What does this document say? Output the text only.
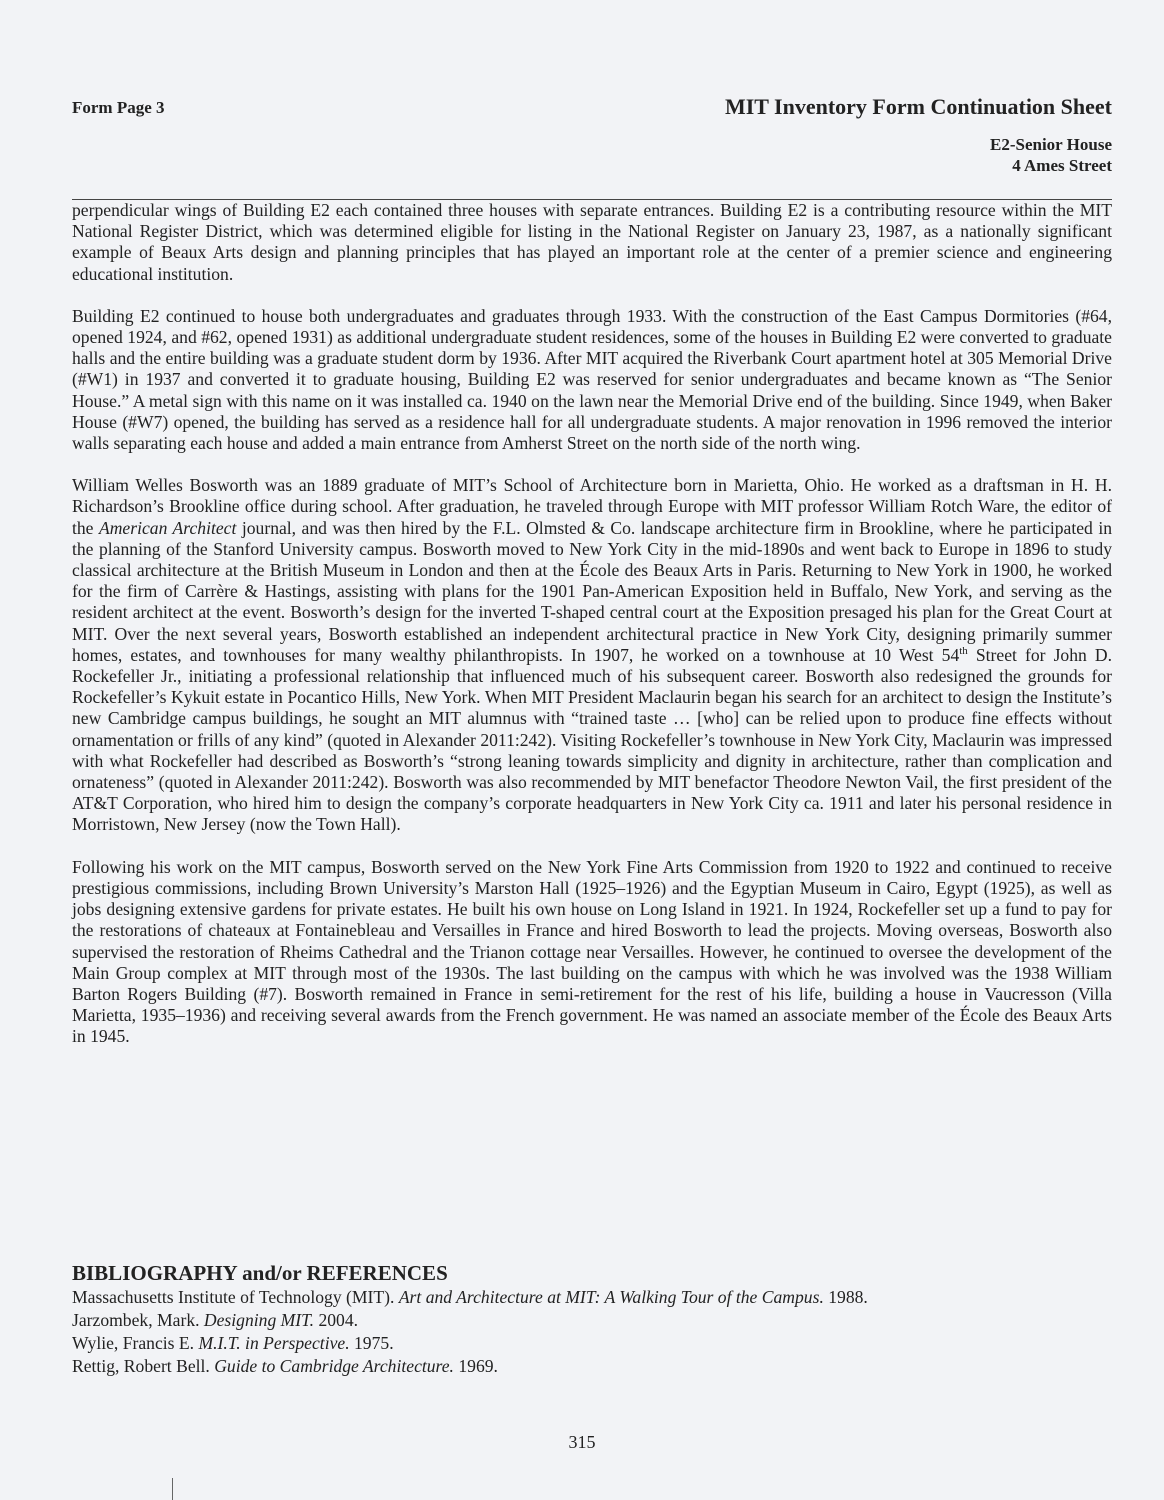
Form Page 3	MIT Inventory Form Continuation Sheet
E2-Senior House
4 Ames Street

perpendicular wings of Building E2 each contained three houses with separate entrances. Building E2 is a contributing resource within the MIT National Register District, which was determined eligible for listing in the National Register on January 23, 1987, as a nationally significant example of Beaux Arts design and planning principles that has played an important role at the center of a premier science and engineering educational institution.

Building E2 continued to house both undergraduates and graduates through 1933. With the construction of the East Campus Dormitories (#64, opened 1924, and #62, opened 1931) as additional undergraduate student residences, some of the houses in Building E2 were converted to graduate halls and the entire building was a graduate student dorm by 1936. After MIT acquired the Riverbank Court apartment hotel at 305 Memorial Drive (#W1) in 1937 and converted it to graduate housing, Building E2 was reserved for senior undergraduates and became known as “The Senior House.” A metal sign with this name on it was installed ca. 1940 on the lawn near the Memorial Drive end of the building. Since 1949, when Baker House (#W7) opened, the building has served as a residence hall for all undergraduate students. A major renovation in 1996 removed the interior walls separating each house and added a main entrance from Amherst Street on the north side of the north wing.

William Welles Bosworth was an 1889 graduate of MIT’s School of Architecture born in Marietta, Ohio. He worked as a draftsman in H. H. Richardson’s Brookline office during school. After graduation, he traveled through Europe with MIT professor William Rotch Ware, the editor of the American Architect journal, and was then hired by the F.L. Olmsted & Co. landscape architecture firm in Brookline, where he participated in the planning of the Stanford University campus. Bosworth moved to New York City in the mid-1890s and went back to Europe in 1896 to study classical architecture at the British Museum in London and then at the École des Beaux Arts in Paris. Returning to New York in 1900, he worked for the firm of Carrère & Hastings, assisting with plans for the 1901 Pan-American Exposition held in Buffalo, New York, and serving as the resident architect at the event. Bosworth’s design for the inverted T-shaped central court at the Exposition presaged his plan for the Great Court at MIT. Over the next several years, Bosworth established an independent architectural practice in New York City, designing primarily summer homes, estates, and townhouses for many wealthy philanthropists. In 1907, he worked on a townhouse at 10 West 54th Street for John D. Rockefeller Jr., initiating a professional relationship that influenced much of his subsequent career. Bosworth also redesigned the grounds for Rockefeller’s Kykuit estate in Pocantico Hills, New York. When MIT President Maclaurin began his search for an architect to design the Institute’s new Cambridge campus buildings, he sought an MIT alumnus with “trained taste … [who] can be relied upon to produce fine effects without ornamentation or frills of any kind” (quoted in Alexander 2011:242). Visiting Rockefeller’s townhouse in New York City, Maclaurin was impressed with what Rockefeller had described as Bosworth’s “strong leaning towards simplicity and dignity in architecture, rather than complication and ornateness” (quoted in Alexander 2011:242). Bosworth was also recommended by MIT benefactor Theodore Newton Vail, the first president of the AT&T Corporation, who hired him to design the company’s corporate headquarters in New York City ca. 1911 and later his personal residence in Morristown, New Jersey (now the Town Hall).

Following his work on the MIT campus, Bosworth served on the New York Fine Arts Commission from 1920 to 1922 and continued to receive prestigious commissions, including Brown University’s Marston Hall (1925–1926) and the Egyptian Museum in Cairo, Egypt (1925), as well as jobs designing extensive gardens for private estates. He built his own house on Long Island in 1921. In 1924, Rockefeller set up a fund to pay for the restorations of chateaux at Fontainebleau and Versailles in France and hired Bosworth to lead the projects. Moving overseas, Bosworth also supervised the restoration of Rheims Cathedral and the Trianon cottage near Versailles. However, he continued to oversee the development of the Main Group complex at MIT through most of the 1930s. The last building on the campus with which he was involved was the 1938 William Barton Rogers Building (#7). Bosworth remained in France in semi-retirement for the rest of his life, building a house in Vaucresson (Villa Marietta, 1935–1936) and receiving several awards from the French government. He was named an associate member of the École des Beaux Arts in 1945.

BIBLIOGRAPHY and/or REFERENCES
Massachusetts Institute of Technology (MIT). Art and Architecture at MIT: A Walking Tour of the Campus. 1988.
Jarzombek, Mark. Designing MIT. 2004.
Wylie, Francis E. M.I.T. in Perspective. 1975.
Rettig, Robert Bell. Guide to Cambridge Architecture. 1969.
315
